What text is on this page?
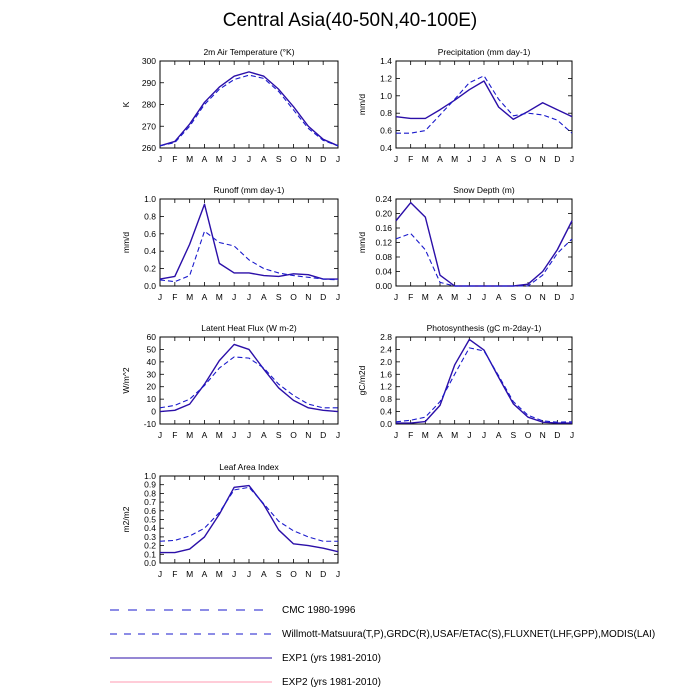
Central Asia(40-50N,40-100E)
2m Air Temperature (°K)
K
260
270
280
290
300
J F M A M J J A S O N D J
Precipitation (mm day-1)
mm/d
0.4
0.6
0.8
1.0
1.2
1.4
J F M A M J J A S O N D J
Runoff (mm day-1)
mm/d
0.0
0.2
0.4
0.6
0.8
1.0
J F M A M J J A S O N D J
Snow Depth (m)
mm/d
0.00
0.04
0.08
0.12
0.16
0.20
0.24
J F M A M J J A S O N D J
Latent Heat Flux (W m-2)
W/m^2
-10
0
10
20
30
40
50
60
J F M A M J J A S O N D J
Photosynthesis (gC m-2day-1)
gC/m2d
0.0
0.4
0.8
1.2
1.6
2.0
2.4
2.8
J F M A M J J A S O N D J
Leaf Area Index
m2/m2
0.0
0.1
0.2
0.3
0.4
0.5
0.6
0.7
0.8
0.9
1.0
J F M A M J J A S O N D J
CMC 1980-1996
Willmott-Matsuura(T,P),GRDC(R),USAF/ETAC(S),FLUXNET(LHF,GPP),MODIS(LAI)
EXP1 (yrs 1981-2010)
EXP2 (yrs 1981-2010)
